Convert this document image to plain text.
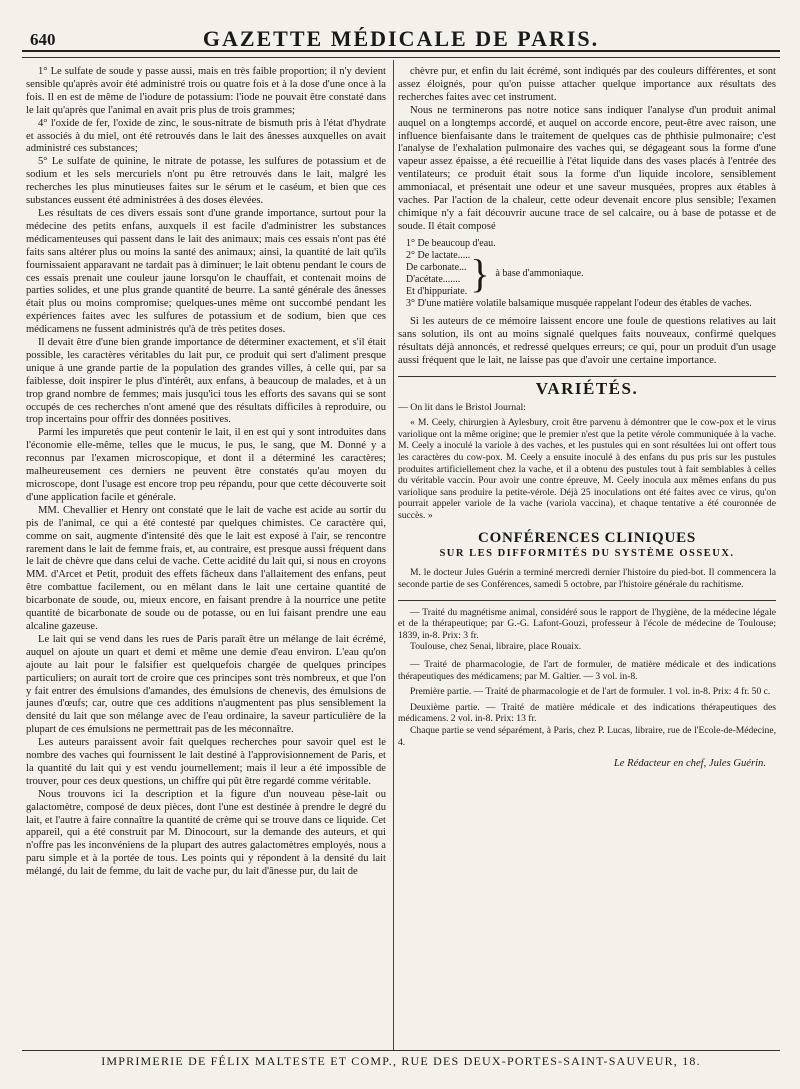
640	GAZETTE MÉDICALE DE PARIS.

1° Le sulfate de soude y passe aussi, mais en très faible proportion; il n'y devient sensible qu'après avoir été administré trois ou quatre fois et à la dose d'une once à la fois. Il en est de même de l'iodure de potassium: l'iode ne pouvait être constaté dans le lait qu'après que l'animal en avait pris plus de trois grammes;

4° l'oxide de fer, l'oxide de zinc, le sous-nitrate de bismuth pris à l'état d'hydrate et associés à du miel, ont été retrouvés dans le lait des ânesses auxquelles on avait administré ces substances;

5° Le sulfate de quinine, le nitrate de potasse, les sulfures de potassium et de sodium et les sels mercuriels n'ont pu être retrouvés dans le lait, malgré les recherches les plus minutieuses faites sur le sérum et le caséum, et bien que ces substances eussent été administrées à des doses élevées.

Les résultats de ces divers essais sont d'une grande importance, surtout pour la médecine des petits enfans, auxquels il est facile d'administrer les substances médicamenteuses qui passent dans le lait des animaux; mais ces essais n'ont pas été faits sans altérer plus ou moins la santé des animaux; ainsi, la quantité de lait qu'ils fournissaient apparavant ne tardait pas à diminuer; le lait obtenu pendant le cours de ces essais prenait une couleur jaune lorsqu'on le chauffait, et contenait moins de parties solides, et une plus grande quantité de beurre. La santé générale des ânesses était plus ou moins compromise; quelques-unes même ont succombé pendant les expériences faites avec les sulfures de potassium et de sodium, bien que ces médicamens ne fussent administrés qu'à de très petites doses.

Il devait être d'une bien grande importance de déterminer exactement, et s'il était possible, les caractères véritables du lait pur, ce produit qui sert d'aliment presque unique à une grande partie de la population des grandes villes, à celle qui, par sa faiblesse, doit inspirer le plus d'intérêt, aux enfans, à beaucoup de malades, et à un trop grand nombre de femmes; mais jusqu'ici tous les efforts des savans qui se sont occupés de ces recherches n'ont amené que des résultats difficiles à reproduire, ou trop incertains pour offrir des données positives.

Parmi les impuretés que peut contenir le lait, il en est qui y sont introduites dans l'économie elle-même, telles que le mucus, le pus, le sang, que M. Donné y a reconnus par l'examen microscopique, et dont il a déterminé les caractères; malheureusement ces derniers ne peuvent être constatés qu'au moyen du microscope, dont l'usage est encore trop peu répandu, pour que cette découverte soit d'une application facile et générale.

MM. Chevallier et Henry ont constaté que le lait de vache est acide au sortir du pis de l'animal, ce qui a été contesté par quelques chimistes. Ce caractère qui, comme on sait, augmente d'intensité dès que le lait est exposé à l'air, se rencontre rarement dans le lait de femme frais, et, au contraire, est presque aussi fréquent dans le lait de chèvre que dans celui de vache. Cette acidité du lait qui, si nous en croyons MM. d'Arcet et Petit, produit des effets fâcheux dans l'allaitement des enfans, peut être combattue facilement, ou en mêlant dans le lait une certaine quantité de bicarbonate de soude, ou, mieux encore, en faisant prendre à la nourrice une petite quantité de bicarbonate de soude ou de potasse, ou en lui faisant prendre une eau alcaline gazeuse.

Le lait qui se vend dans les rues de Paris paraît être un mélange de lait écrémé, auquel on ajoute un quart et demi et même une demie d'eau environ. L'eau qu'on ajoute au lait pour le falsifier est quelquefois chargée de quelques principes particuliers; on aurait tort de croire que ces principes sont très nombreux, et que l'on y fait entrer des émulsions d'amandes, des émulsions de chenevis, des émulsions de jaunes d'œufs; car, outre que ces additions n'augmentent pas plus sensiblement la densité du lait que son mélange avec de l'eau ordinaire, la saveur particulière de la plupart de ces émulsions ne permettrait pas de les méconnaître.

Les auteurs paraissent avoir fait quelques recherches pour savoir quel est le nombre des vaches qui fournissent le lait destiné à l'approvisionnement de Paris, et la quantité du lait qui y est vendu journellement; mais il leur a été impossible de trouver, pour ces deux questions, un chiffre qui pût être regardé comme véritable.

Nous trouvons ici la description et la figure d'un nouveau pèse-lait ou galactomètre, composé de deux pièces, dont l'une est destinée à prendre le degré du lait, et l'autre à faire connaître la quantité de crème qui se trouve dans ce liquide. Cet appareil, qui a été construit par M. Dinocourt, sur la demande des auteurs, et qui n'offre pas les inconvéniens de la plupart des autres galactomètres employés, nous a paru simple et à la portée de tous. Les points qui y répondent à la densité du lait mélangé, du lait de femme, du lait de vache pur, du lait d'ânesse pur, du lait de

chèvre pur, et enfin du lait écrémé, sont indiqués par des couleurs différentes, et sont assez éloignés, pour qu'on puisse attacher quelque importance aux résultats des recherches faites avec cet instrument.

Nous ne terminerons pas notre notice sans indiquer l'analyse d'un produit animal auquel on a longtemps accordé, et auquel on accorde encore, peut-être avec raison, une influence bienfaisante dans le traitement de quelques cas de phthisie pulmonaire; c'est l'analyse de l'exhalation pulmonaire des vaches qui, se dégageant sous la forme d'une vapeur assez épaisse, a été recueillie à l'état liquide dans des vases placés à l'entrée des ventilateurs; ce produit était sous la forme d'un liquide incolore, sensiblement ammoniacal, et présentait une odeur et une saveur musquées, propres aux étables à vaches. Par l'action de la chaleur, cette odeur devenait encore plus sensible; l'examen chimique n'y a fait découvrir aucune trace de sel calcaire, ou à base de potasse et de soude. Il était composé

1° De beaucoup d'eau.
2° De lactate.....
De carbonate...
D'acétate.......
Et d'hippuriate. } à base d'ammoniaque.
3° D'une matière volatile balsamique musquée rappelant l'odeur des étables de vaches.

Si les auteurs de ce mémoire laissent encore une foule de questions relatives au lait sans solution, ils ont au moins signalé quelques faits nouveaux, confirmé quelques résultats déjà annoncés, et redressé quelques erreurs; ce qui, pour un produit d'un usage aussi fréquent que le lait, ne laisse pas que d'avoir une certaine importance.

VARIÉTÉS.
— On lit dans le Bristol Journal:

« M. Ceely, chirurgien à Aylesbury, croit être parvenu à démontrer que le cow-pox et le virus variolique ont la même origine; que le premier n'est que la petite vérole communiquée à la vache. M. Ceely a inoculé la variole à des vaches, et les pustules qui en sont résultées lui ont offert tous les caractères du cow-pox. M. Ceely a ensuite inoculé à des enfans du pus pris sur les pustules produites artificiellement chez la vache, et il a obtenu des pustules tout à fait semblables à celles du véritable vaccin. Pour avoir une contre épreuve, M. Ceely inocula aux mêmes enfans du pus variolique sans produire la petite-vérole. Déjà 25 inoculations ont été faites avec ce virus, qu'on pourrait appeler variole de la vache (variola vaccina), et chaque tentative a été couronnée de succès. »

CONFÉRENCES CLINIQUES
SUR LES DIFFORMITÉS DU SYSTÈME OSSEUX.

M. le docteur Jules Guérin a terminé mercredi dernier l'histoire du pied-bot. Il commencera la seconde partie de ses Conférences, samedi 5 octobre, par l'histoire générale du rachitisme.

— Traité du magnétisme animal, considéré sous le rapport de l'hygiène, de la médecine légale et de la thérapeutique; par G.-G. Lafont-Gouzi, professeur à l'école de médecine de Toulouse; 1839, in-8. Prix: 3 fr.

Toulouse, chez Senai, libraire, place Rouaix.

— Traité de pharmacologie, de l'art de formuler, de matière médicale et des indications thérapeutiques des médicamens; par M. Galtier. — 3 vol. in-8.

Première partie. — Traité de pharmacologie et de l'art de formuler. 1 vol. in-8. Prix: 4 fr. 50 c.

Deuxième partie. — Traité de matière médicale et des indications thérapeutiques des médicamens. 2 vol. in-8. Prix: 13 fr.

Chaque partie se vend séparément, à Paris, chez P. Lucas, libraire, rue de l'Ecole-de-Médecine, 4.

Le Rédacteur en chef, Jules Guérin.
IMPRIMERIE DE FÉLIX MALTESTE ET COMP., RUE DES DEUX-PORTES-SAINT-SAUVEUR, 18.
